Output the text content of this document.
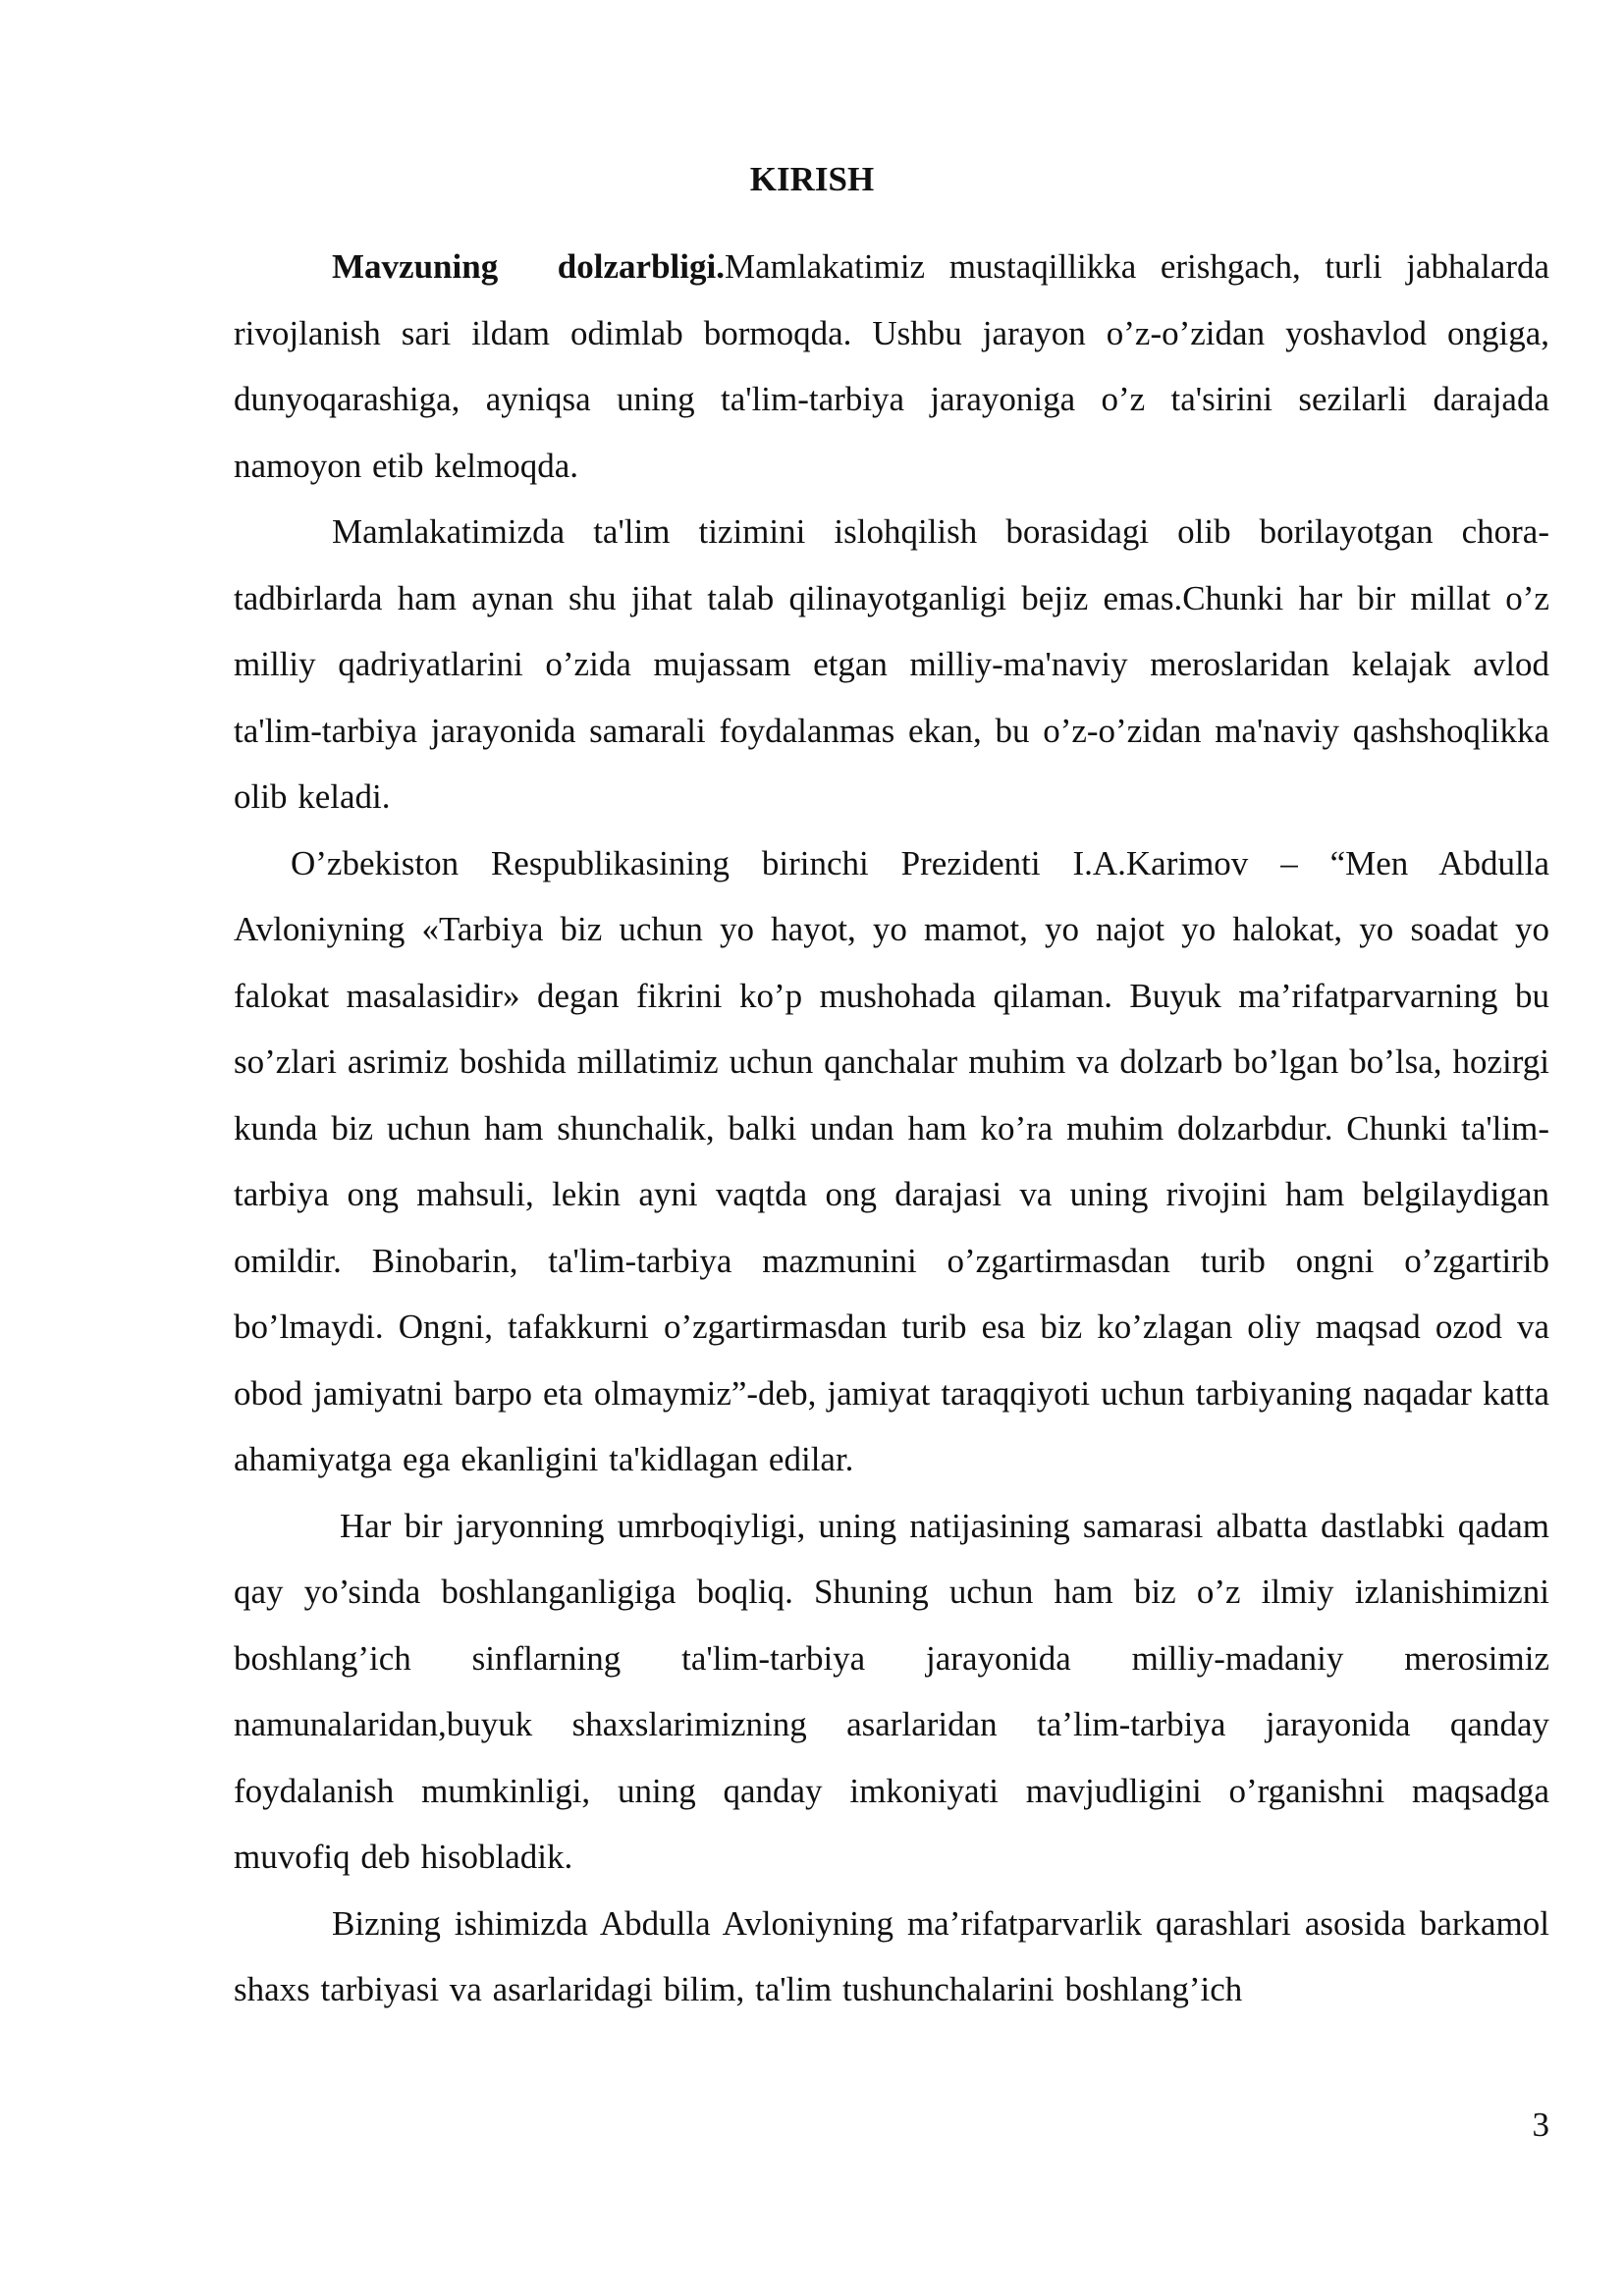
KIRISH

Mavzuning dolzarbligi.Mamlakatimiz mustaqillikka erishgach, turli jabhalarda rivojlanish sari ildam odimlab bormoqda. Ushbu jarayon o’z-o’zidan yoshavlod ongiga, dunyoqarashiga, ayniqsa uning ta'lim-tarbiya jarayoniga o’z ta'sirini sezilarli darajada namoyon etib kelmoqda.

Mamlakatimizda ta'lim tizimini islohqilish borasidagi olib borilayotgan chora-tadbirlarda ham aynan shu jihat talab qilinayotganligi bejiz emas.Chunki har bir millat o’z milliy qadriyatlarini o’zida mujassam etgan milliy-ma'naviy meroslaridan kelajak avlod ta'lim-tarbiya jarayonida samarali foydalanmas ekan, bu o’z-o’zidan ma'naviy qashshoqlikka olib keladi.

O’zbekiston Respublikasining birinchi Prezidenti I.A.Karimov – “Men Abdulla Avloniyning «Tarbiya biz uchun yo hayot, yo mamot, yo najot yo halokat, yo soadat yo falokat masalasidir» degan fikrini ko’p mushohada qilaman. Buyuk ma’rifatparvarning bu so’zlari asrimiz boshida millatimiz uchun qanchalar muhim va dolzarb bo’lgan bo’lsa, hozirgi kunda biz uchun ham shunchalik, balki undan ham ko’ra muhim dolzarbdur. Chunki ta'lim-tarbiya ong mahsuli, lekin ayni vaqtda ong darajasi va uning rivojini ham belgilaydigan omildir. Binobarin, ta'lim-tarbiya mazmunini o’zgartirmasdan turib ongni o’zgartirib bo’lmaydi. Ongni, tafakkurni o’zgartirmasdan turib esa biz ko’zlagan oliy maqsad ozod va obod jamiyatni barpo eta olmaymiz”-deb, jamiyat taraqqiyoti uchun tarbiyaning naqadar katta ahamiyatga ega ekanligini ta'kidlagan edilar.

Har bir jaryonning umrboqiyligi, uning natijasining samarasi albatta dastlabki qadam qay yo’sinda boshlanganligiga boqliq. Shuning uchun ham biz o’z ilmiy izlanishimizni boshlang’ich sinflarning ta'lim-tarbiya jarayonida milliy-madaniy merosimiz namunalaridan,buyuk shaxslarimizning asarlaridan ta’lim-tarbiya jarayonida qanday foydalanish mumkinligi, uning qanday imkoniyati mavjudligini o’rganishni maqsadga muvofiq deb hisobladik.

Bizning ishimizda Abdulla Avloniyning ma’rifatparvarlik qarashlari asosida barkamol shaxs tarbiyasi va asarlaridagi bilim, ta'lim tushunchalarini boshlang’ich

3
